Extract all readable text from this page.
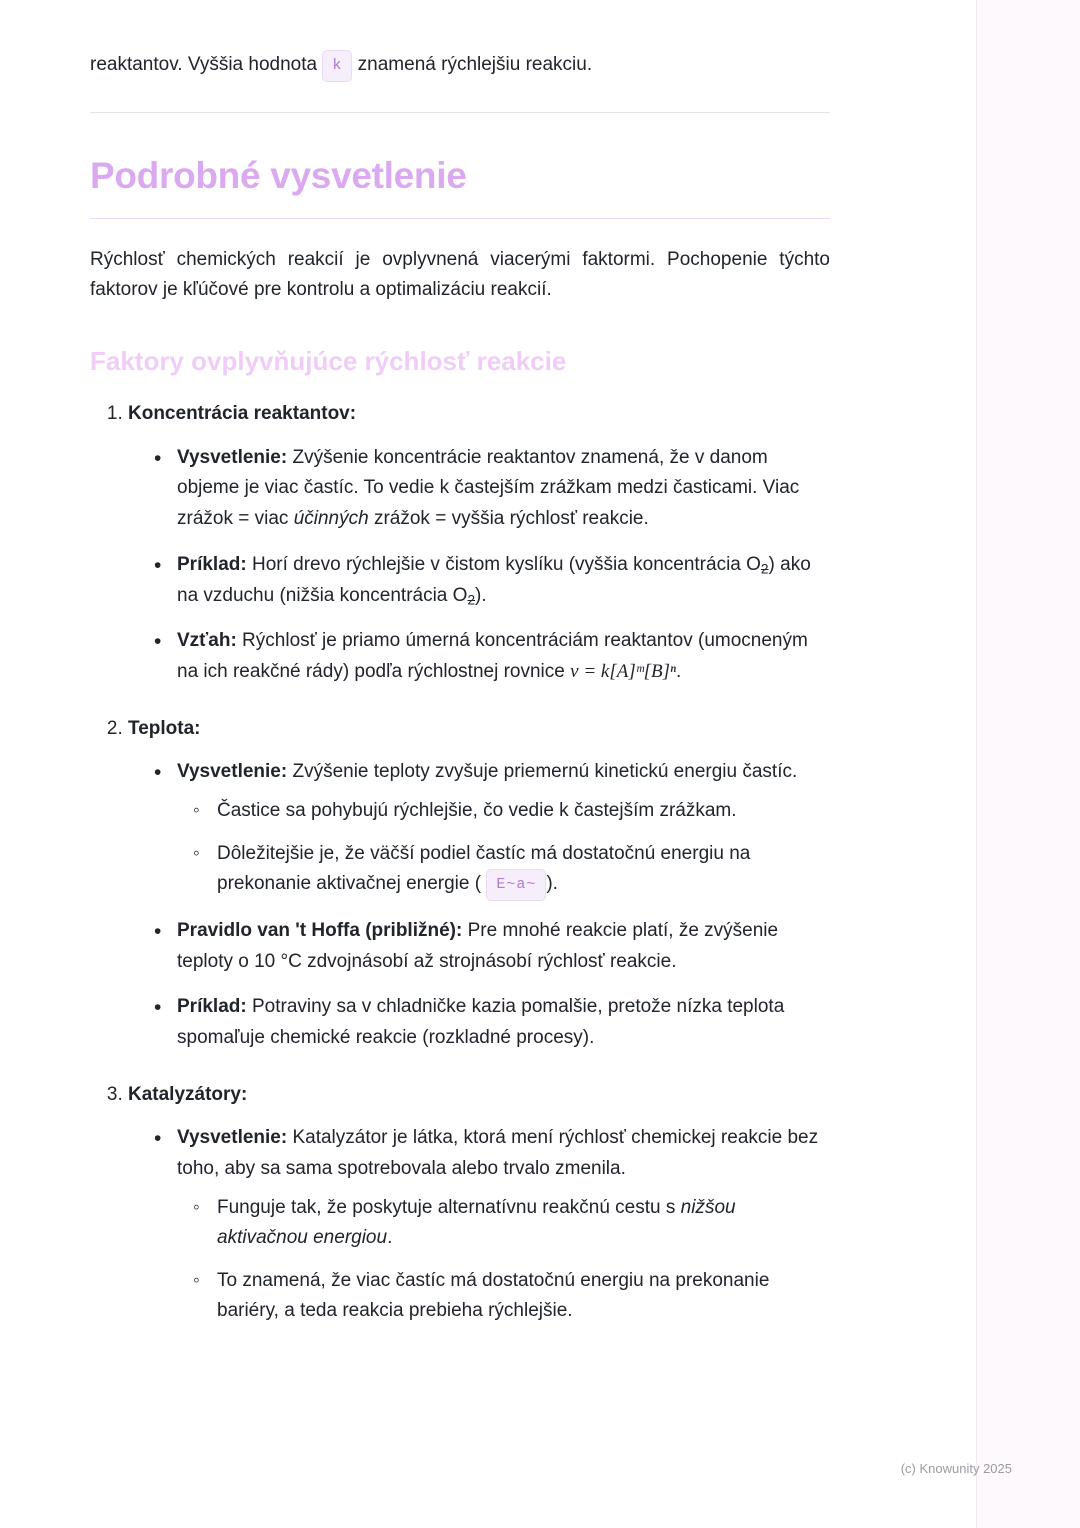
reaktantov. Vyššia hodnota k znamená rýchlejšiu reakciu.
Podrobné vysvetlenie

Rýchlosť chemických reakcií je ovplyvnená viacerými faktormi. Pochopenie týchto faktorov je kľúčové pre kontrolu a optimalizáciu reakcií.

Faktory ovplyvňujúce rýchlosť reakcie
1. Koncentrácia reaktantov:
• Vysvetlenie: Zvýšenie koncentrácie reaktantov znamená, že v danom objeme je viac častíc. To vedie k častejším zrážkam medzi časticami. Viac zrážok = viac účinných zrážok = vyššia rýchlosť reakcie.
• Príklad: Horí drevo rýchlejšie v čistom kyslíku (vyššia koncentrácia O2) ako na vzduchu (nižšia koncentrácia O2).
• Vzťah: Rýchlosť je priamo úmerná koncentráciám reaktantov (umocneným na ich reakčné rády) podľa rýchlostnej rovnice v = k[A]ᵐ[B]ⁿ.
2. Teplota:
• Vysvetlenie: Zvýšenie teploty zvyšuje priemernú kinetickú energiu častíc.
◦ Častice sa pohybujú rýchlejšie, čo vedie k častejším zrážkam.
◦ Dôležitejšie je, že väčší podiel častíc má dostatočnú energiu na prekonanie aktivačnej energie ( E~a~ ).
• Pravidlo van 't Hoffa (približné): Pre mnohé reakcie platí, že zvýšenie teploty o 10 °C zdvojnásobí až strojnásobí rýchlosť reakcie.
• Príklad: Potraviny sa v chladničke kazia pomalšie, pretože nízka teplota spomaľuje chemické reakcie (rozkladné procesy).
3. Katalyzátory:
• Vysvetlenie: Katalyzátor je látka, ktorá mení rýchlosť chemickej reakcie bez toho, aby sa sama spotrebovala alebo trvalo zmenila.
◦ Funguje tak, že poskytuje alternatívnu reakčnú cestu s nižšou aktivačnou energiou.
◦ To znamená, že viac častíc má dostatočnú energiu na prekonanie bariéry, a teda reakcia prebieha rýchlejšie.
(c) Knowunity 2025
